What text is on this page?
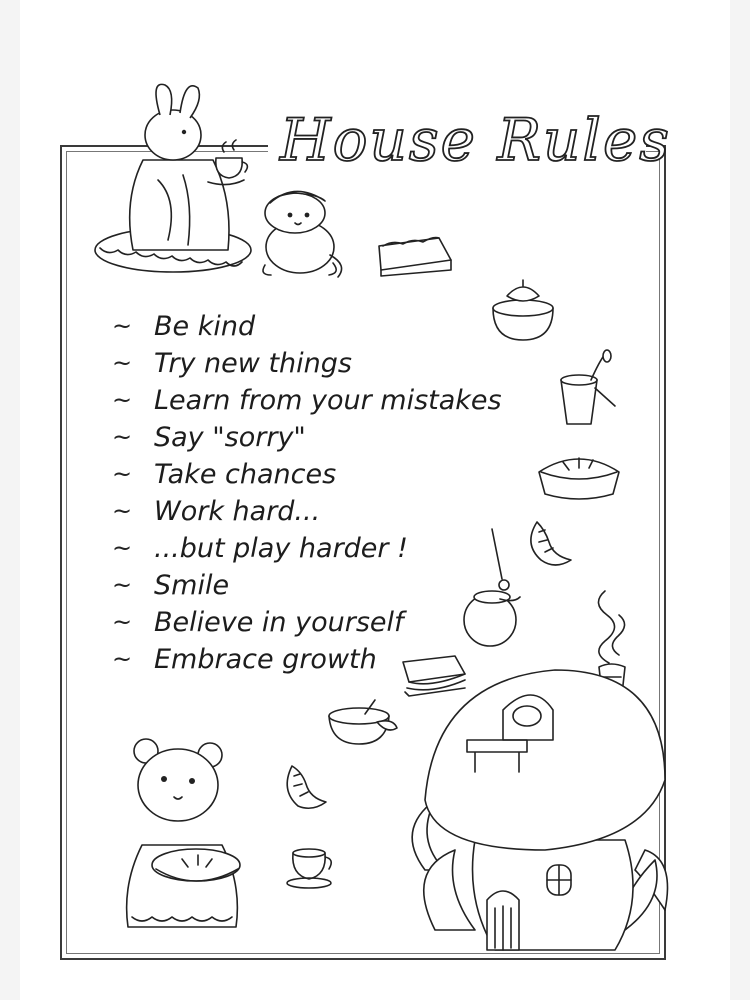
House Rules
~ Be kind
~ Try new things
~ Learn from your mistakes
~ Say "sorry"
~ Take chances
~ Work hard...
~ ...but play harder !
~ Smile
~ Believe in yourself
~ Embrace growth
